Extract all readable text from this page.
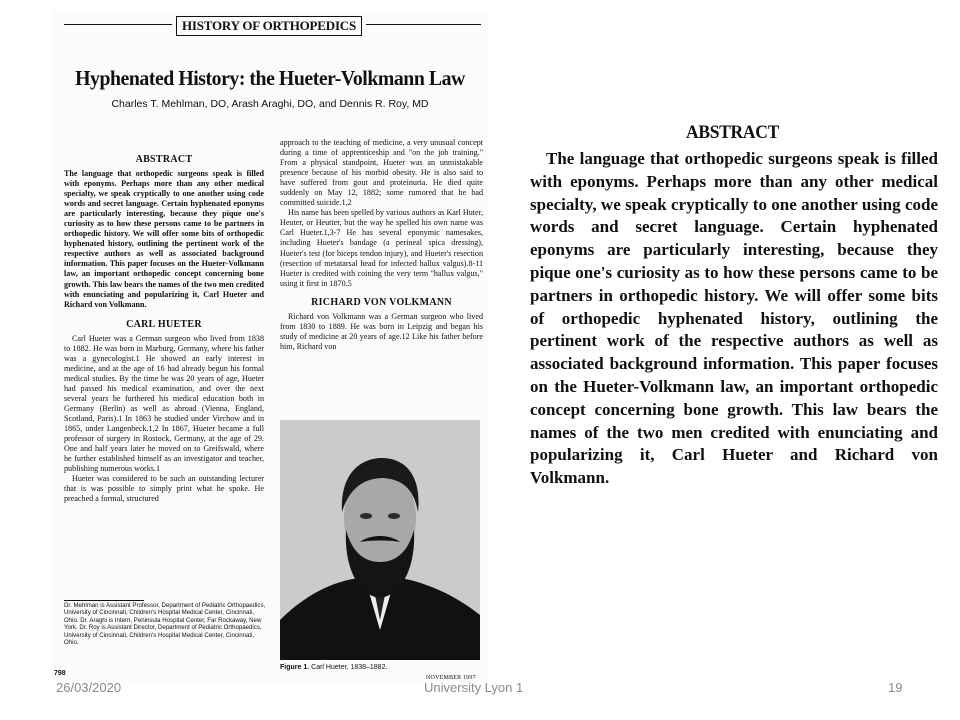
HISTORY OF ORTHOPEDICS
Hyphenated History: the Hueter-Volkmann Law
Charles T. Mehlman, DO, Arash Araghi, DO, and Dennis R. Roy, MD
ABSTRACT

The language that orthopedic surgeons speak is filled with eponyms. Perhaps more than any other medical specialty, we speak cryptically to one another using code words and secret language. Certain hyphenated eponyms are particularly interesting, because they pique one's curiosity as to how these persons came to be partners in orthopedic history. We will offer some bits of orthopedic hyphenated history, outlining the pertinent work of the respective authors as well as associated background information. This paper focuses on the Hueter-Volkmann law, an important orthopedic concept concerning bone growth. This law bears the names of the two men credited with enunciating and popularizing it, Carl Hueter and Richard von Volkmann.

CARL HUETER

Carl Hueter was a German surgeon who lived from 1838 to 1882. He was born in Marburg, Germany, where his father was a gynecologist.1 He showed an early interest in medicine, and at the age of 16 had already begun his formal medical studies. By the time he was 20 years of age, Hueter had passed his medical examination, and over the next several years he furthered his medical education both in Germany (Berlin) as well as abroad (Vienna, England, Scotland, Paris).1 In 1863 he studied under Virchow and in 1865, under Langenbeck.1,2 In 1867, Hueter became a full professor of surgery in Rostock, Germany, at the age of 29. One and half years later he moved on to Greifswald, where he further established himself as an investigator and teacher, publishing numerous works.1

Hueter was considered to be such an outstanding lecturer that is was possible to simply print what he spoke. He preached a formal, structured

approach to the teaching of medicine, a very unusual concept during a time of apprenticeship and "on the job training." From a physical standpoint, Hueter was an unmistakable presence because of his morbid obesity. He is also said to have suffered from gout and proteinuria. He died quite suddenly on May 12, 1882; some rumored that he had committed suicide.1,2

His name has been spelled by various authors as Karl Huter, Heuter, or Heutter, but the way he spelled his own name was Carl Hueter.1,3-7 He has several eponymic namesakes, including Hueter's bandage (a perineal spica dressing), Hueter's test (for biceps tendon injury), and Hueter's resection (resection of metatarsal head for infected hallux valgus).8-11 Hueter is credited with coining the very term "hallux valgus," using it first in 1870.5

RICHARD VON VOLKMANN

Richard von Volkmann was a German surgeon who lived from 1830 to 1889. He was born in Leipzig and began his study of medicine at 20 years of age.12 Like his father before him, Richard von

Figure 1. Carl Hueter, 1838–1882.

Dr. Mehlman is Assistant Professor, Department of Pediatric Orthopaedics, University of Cincinnati, Children's Hospital Medical Center, Cincinnati, Ohio. Dr. Araghi is Intern, Peninsula Hospital Center, Far Rockaway, New York. Dr. Roy is Assistant Director, Department of Pediatric Orthopaedics, University of Cincinnati, Children's Hospital Medical Center, Cincinnati, Ohio.

798
NOVEMBER 1997
ABSTRACT

The language that orthopedic surgeons speak is filled with eponyms. Perhaps more than any other medical specialty, we speak cryptically to one another using code words and secret language. Certain hyphenated eponyms are particularly interesting, because they pique one's curiosity as to how these persons came to be partners in orthopedic history. We will offer some bits of orthopedic hyphenated history, outlining the pertinent work of the respective authors as well as associated background information. This paper focuses on the Hueter-Volkmann law, an important orthopedic concept concerning bone growth. This law bears the names of the two men credited with enunciating and popularizing it, Carl Hueter and Richard von Volkmann.

26/03/2020	University Lyon 1	19
